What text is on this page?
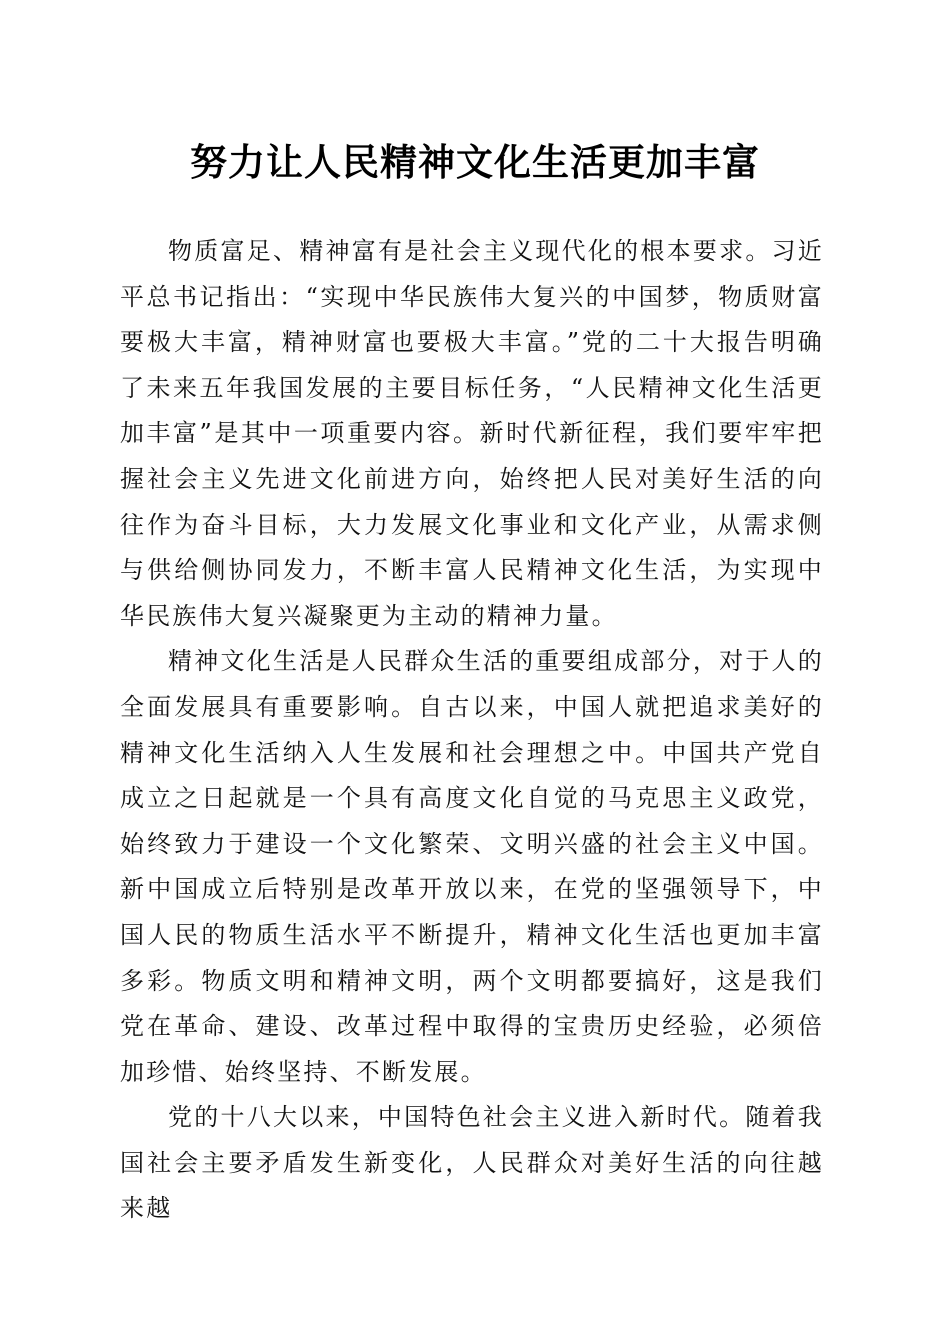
努力让人民精神文化生活更加丰富

物质富足、精神富有是社会主义现代化的根本要求。习近平总书记指出：“实现中华民族伟大复兴的中国梦，物质财富要极大丰富，精神财富也要极大丰富。”党的二十大报告明确了未来五年我国发展的主要目标任务，“人民精神文化生活更加丰富”是其中一项重要内容。新时代新征程，我们要牢牢把握社会主义先进文化前进方向，始终把人民对美好生活的向往作为奋斗目标，大力发展文化事业和文化产业，从需求侧与供给侧协同发力，不断丰富人民精神文化生活，为实现中华民族伟大复兴凝聚更为主动的精神力量。

精神文化生活是人民群众生活的重要组成部分，对于人的全面发展具有重要影响。自古以来，中国人就把追求美好的精神文化生活纳入人生发展和社会理想之中。中国共产党自成立之日起就是一个具有高度文化自觉的马克思主义政党，始终致力于建设一个文化繁荣、文明兴盛的社会主义中国。新中国成立后特别是改革开放以来，在党的坚强领导下，中国人民的物质生活水平不断提升，精神文化生活也更加丰富多彩。物质文明和精神文明，两个文明都要搞好，这是我们党在革命、建设、改革过程中取得的宝贵历史经验，必须倍加珍惜、始终坚持、不断发展。

党的十八大以来，中国特色社会主义进入新时代。随着我国社会主要矛盾发生新变化，人民群众对美好生活的向往越来越
